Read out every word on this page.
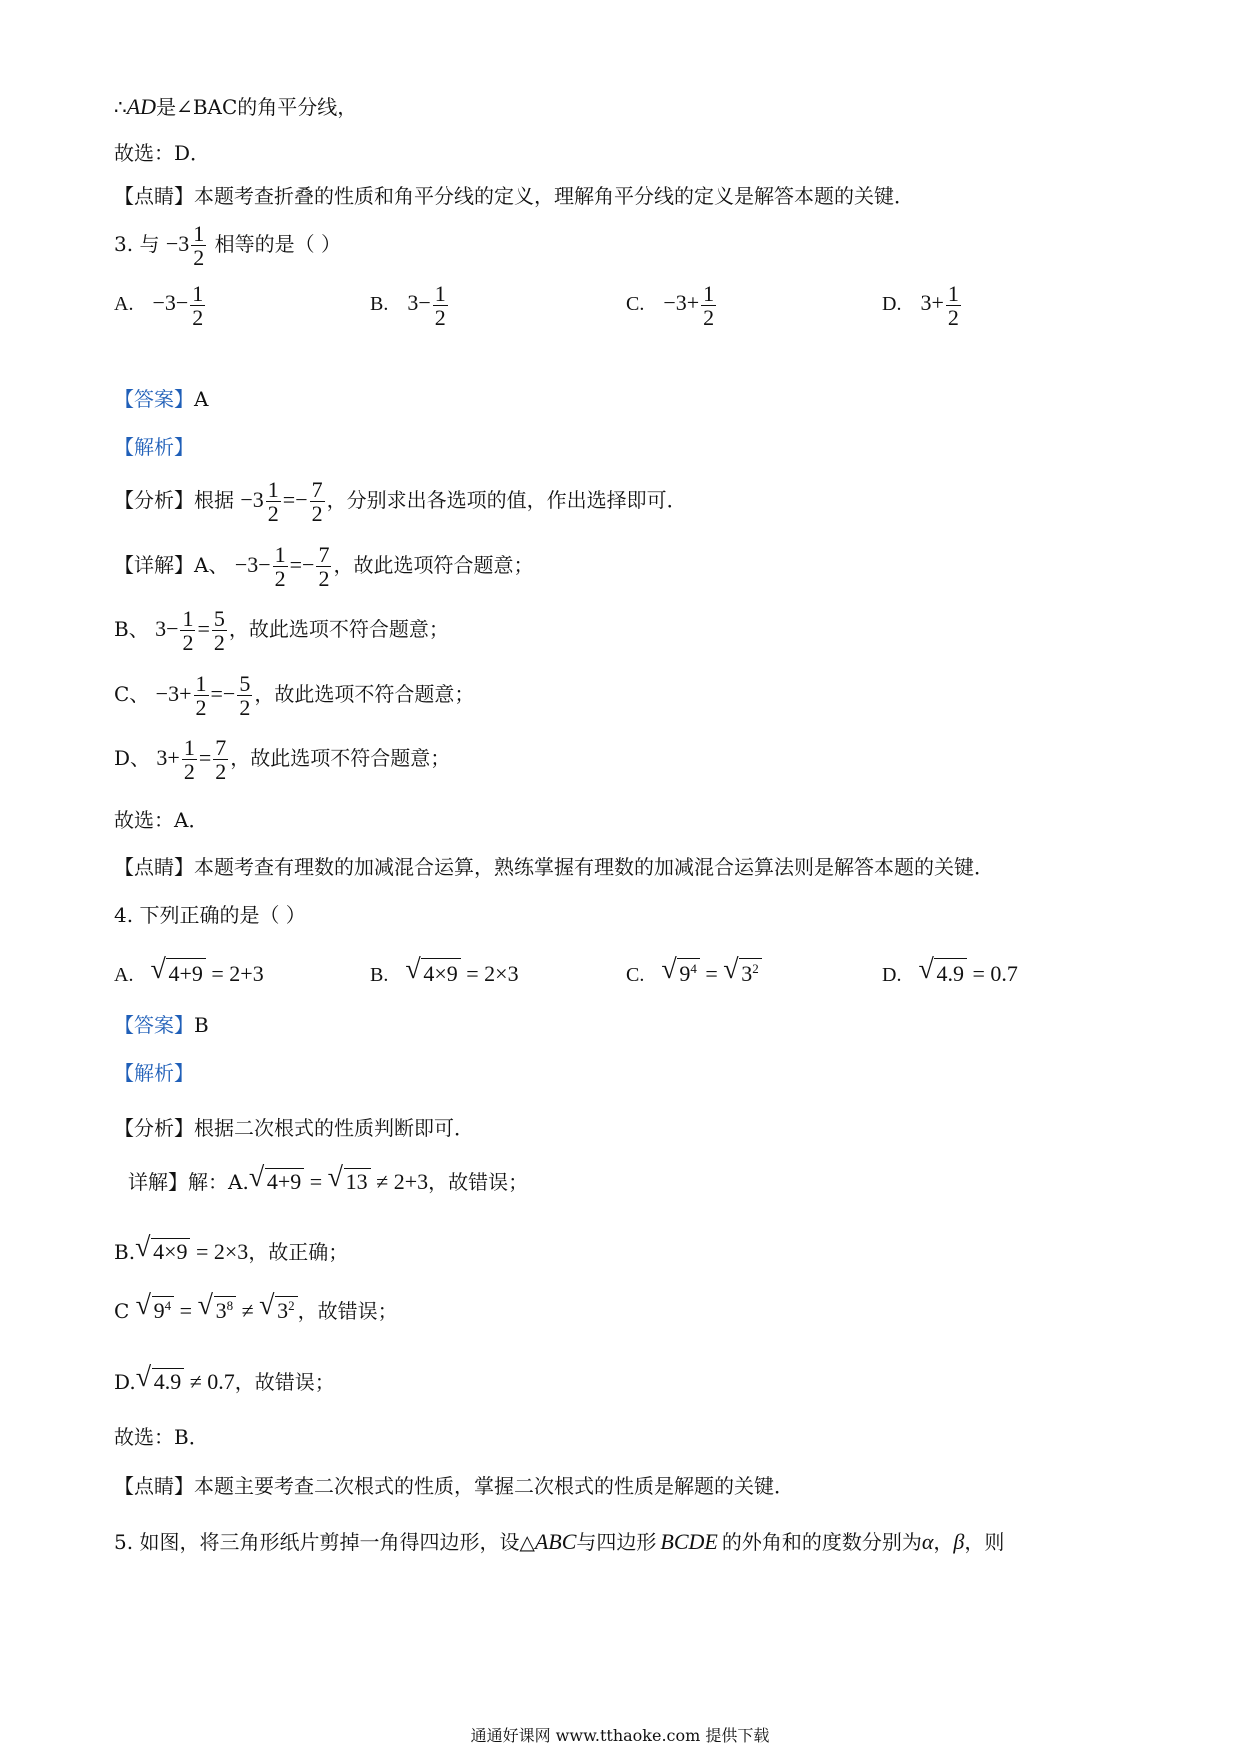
∴AD是∠BAC的角平分线，
故选：D．
【点睛】本题考查折叠的性质和角平分线的定义，理解角平分线的定义是解答本题的关键．
3. 与 $-3 \frac{1}{2}$ 相等的是（ ）
A. $-3- \frac{1}{2}$	B. $3- \frac{1}{2}$	C. $-3+ \frac{1}{2}$	D. $3+ \frac{1}{2}$
【答案】A
【解析】
【分析】根据 $-3 \frac{1}{2} =- \frac{7}{2}$ ，分别求出各选项的值，作出选择即可．
【详解】A、 $-3- \frac{1}{2} =- \frac{7}{2}$ ，故此选项符合题意；
B、 $3- \frac{1}{2} = \frac{5}{2}$ ，故此选项不符合题意；
C、 $-3+ \frac{1}{2} =- \frac{5}{2}$ ，故此选项不符合题意；
D、 $3+ \frac{1}{2} = \frac{7}{2}$ ，故此选项不符合题意；
故选：A．
【点睛】本题考查有理数的加减混合运算，熟练掌握有理数的加减混合运算法则是解答本题的关键．
4. 下列正确的是（ ）
A. √ 4+9 = 2+3	B. √ 4×9 = 2×3	C. √ $9^4$ = √ $3^2$	D. √ 4.9 = 0.7
【答案】B
【解析】
【分析】根据二次根式的性质判断即可．
详解】解：A. √ 4+9 = √ 13 ≠ 2+3，故错误；
B. √ 4×9 = 2×3，故正确；
C √ $9^4$ = √ $3^8$ ≠ √ $3^2$ ，故错误；
D. √ 4.9 ≠ 0.7，故错误；
故选：B．
【点睛】本题主要考查二次根式的性质，掌握二次根式的性质是解题的关键．
5. 如图，将三角形纸片剪掉一角得四边形，设△ABC与四边形 BCDE 的外角和的度数分别为α，β，则
通通好课网 www.tthaoke.com 提供下载
